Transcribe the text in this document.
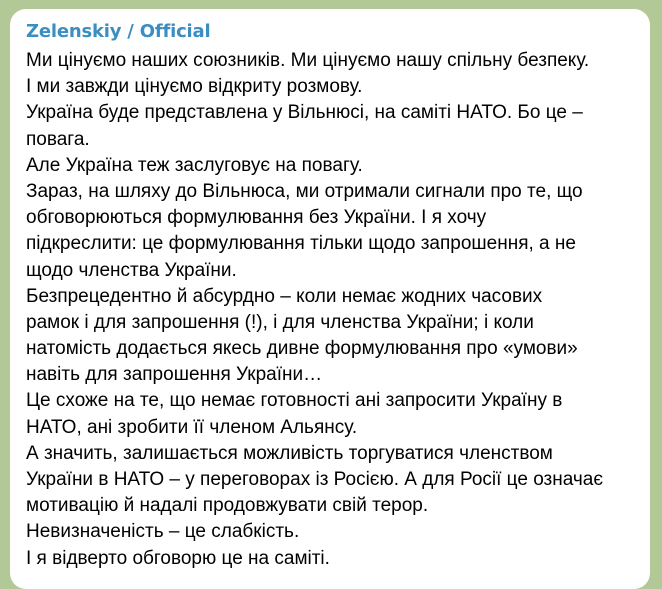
Zelenskiy / Official
Ми цінуємо наших союзників. Ми цінуємо нашу спільну безпеку.
І ми завжди цінуємо відкриту розмову.
Україна буде представлена у Вільнюсі, на саміті НАТО. Бо це –
повага.
Але Україна теж заслуговує на повагу.
Зараз, на шляху до Вільнюса, ми отримали сигнали про те, що
обговорюються формулювання без України. І я хочу
підкреслити: це формулювання тільки щодо запрошення, а не
щодо членства України.
Безпрецедентно й абсурдно – коли немає жодних часових
рамок і для запрошення (!), і для членства України; і коли
натомість додається якесь дивне формулювання про «умови»
навіть для запрошення України…
Це схоже на те, що немає готовності ані запросити Україну в
НАТО, ані зробити її членом Альянсу.
А значить, залишається можливість торгуватися членством
України в НАТО – у переговорах із Росією. А для Росії це означає
мотивацію й надалі продовжувати свій терор.
Невизначеність – це слабкість.
І я відверто обговорю це на саміті.
